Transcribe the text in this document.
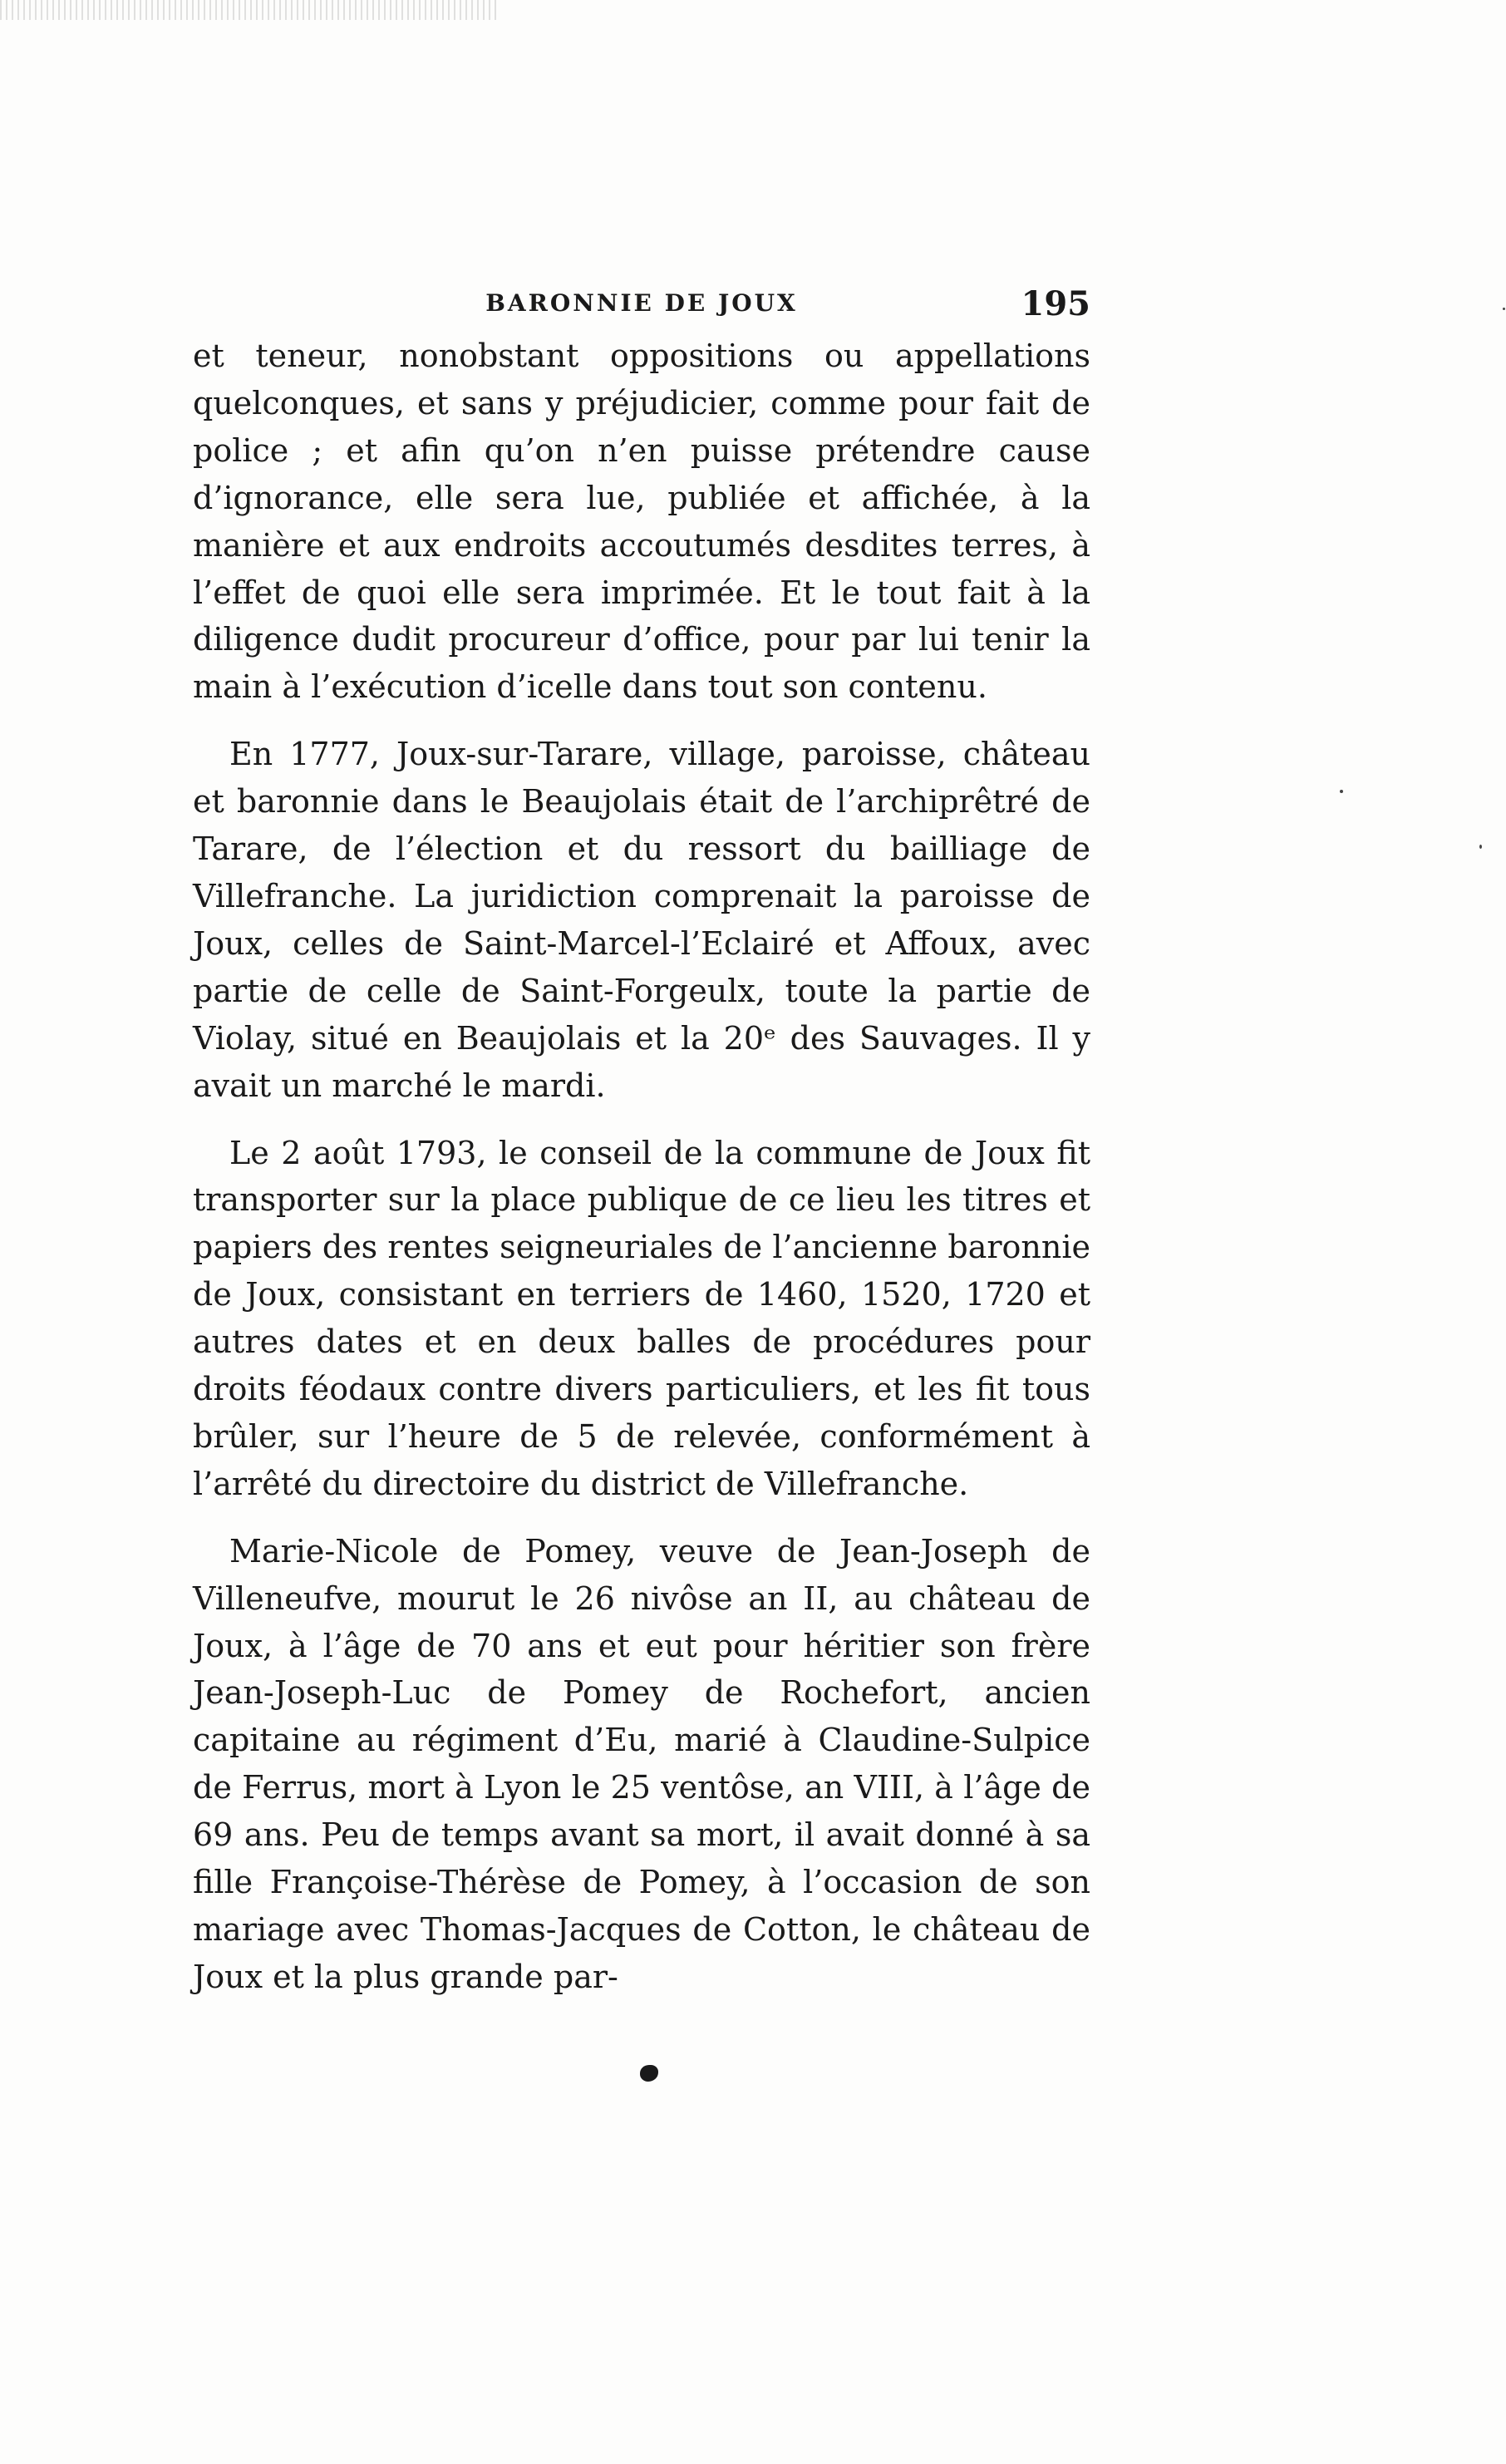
BARONNIE DE JOUX	195

et teneur, nonobstant oppositions ou appellations quelconques, et sans y préjudicier, comme pour fait de police ; et afin qu’on n’en puisse prétendre cause d’ignorance, elle sera lue, publiée et affichée, à la manière et aux endroits accoutumés desdites terres, à l’effet de quoi elle sera imprimée. Et le tout fait à la diligence dudit procureur d’office, pour par lui tenir la main à l’exécution d’icelle dans tout son contenu.

En 1777, Joux-sur-Tarare, village, paroisse, château et baronnie dans le Beaujolais était de l’archiprêtré de Tarare, de l’élection et du ressort du bailliage de Villefranche. La juridiction comprenait la paroisse de Joux, celles de Saint-Marcel-l’Eclairé et Affoux, avec partie de celle de Saint-Forgeulx, toute la partie de Violay, situé en Beaujolais et la 20ᵉ des Sauvages. Il y avait un marché le mardi.

Le 2 août 1793, le conseil de la commune de Joux fit transporter sur la place publique de ce lieu les titres et papiers des rentes seigneuriales de l’ancienne baronnie de Joux, consistant en terriers de 1460, 1520, 1720 et autres dates et en deux balles de procédures pour droits féodaux contre divers particuliers, et les fit tous brûler, sur l’heure de 5 de relevée, conformément à l’arrêté du directoire du district de Villefranche.

Marie-Nicole de Pomey, veuve de Jean-Joseph de Villeneufve, mourut le 26 nivôse an II, au château de Joux, à l’âge de 70 ans et eut pour héritier son frère Jean-Joseph-Luc de Pomey de Rochefort, ancien capitaine au régiment d’Eu, marié à Claudine-Sulpice de Ferrus, mort à Lyon le 25 ventôse, an VIII, à l’âge de 69 ans. Peu de temps avant sa mort, il avait donné à sa fille Françoise-Thérèse de Pomey, à l’occasion de son mariage avec Thomas-Jacques de Cotton, le château de Joux et la plus grande par-
